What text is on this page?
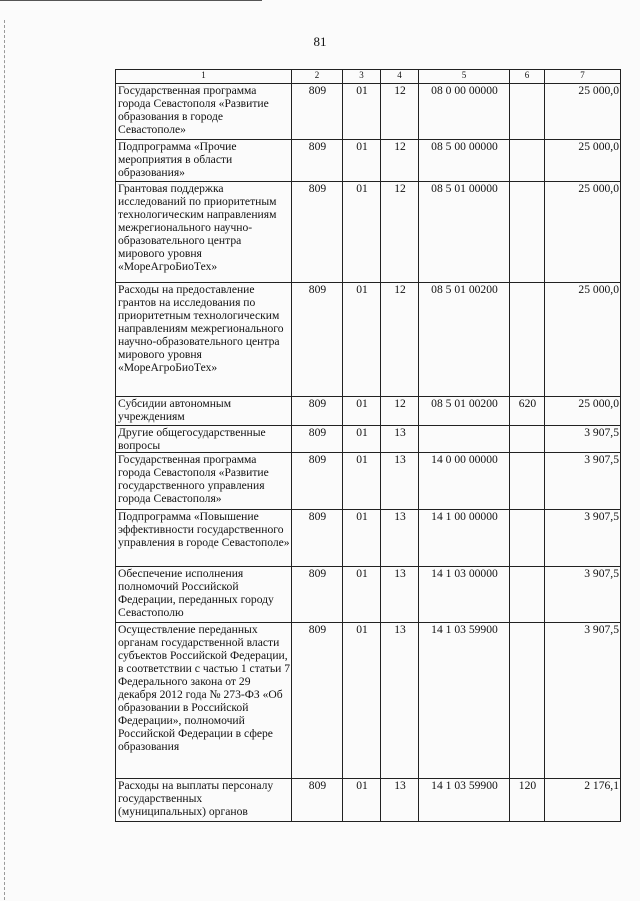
81
1	2	3	4	5	6	7
Государственная программа города Севастополя «Развитие образования в городе Севастополе»	809	01	12	08 0 00 00000		25 000,0
Подпрограмма «Прочие мероприятия в области образования»	809	01	12	08 5 00 00000		25 000,0
Грантовая поддержка исследований по приоритетным технологическим направлениям межрегионального научно-образовательного центра мирового уровня «МореАгроБиоТех»	809	01	12	08 5 01 00000		25 000,0
Расходы на предоставление грантов на исследования по приоритетным технологическим направлениям межрегионального научно-образовательного центра мирового уровня «МореАгроБиоТех»	809	01	12	08 5 01 00200		25 000,0
Субсидии автономным учреждениям	809	01	12	08 5 01 00200	620	25 000,0
Другие общегосударственные вопросы	809	01	13			3 907,5
Государственная программа города Севастополя «Развитие государственного управления города Севастополя»	809	01	13	14 0 00 00000		3 907,5
Подпрограмма «Повышение эффективности государственного управления в городе Севастополе»	809	01	13	14 1 00 00000		3 907,5
Обеспечение исполнения полномочий Российской Федерации, переданных городу Севастополю	809	01	13	14 1 03 00000		3 907,5
Осуществление переданных органам государственной власти субъектов Российской Федерации, в соответствии с частью 1 статьи 7 Федерального закона от 29 декабря 2012 года № 273-ФЗ «Об образовании в Российской Федерации», полномочий Российской Федерации в сфере образования	809	01	13	14 1 03 59900		3 907,5
Расходы на выплаты персоналу государственных (муниципальных) органов	809	01	13	14 1 03 59900	120	2 176,1
